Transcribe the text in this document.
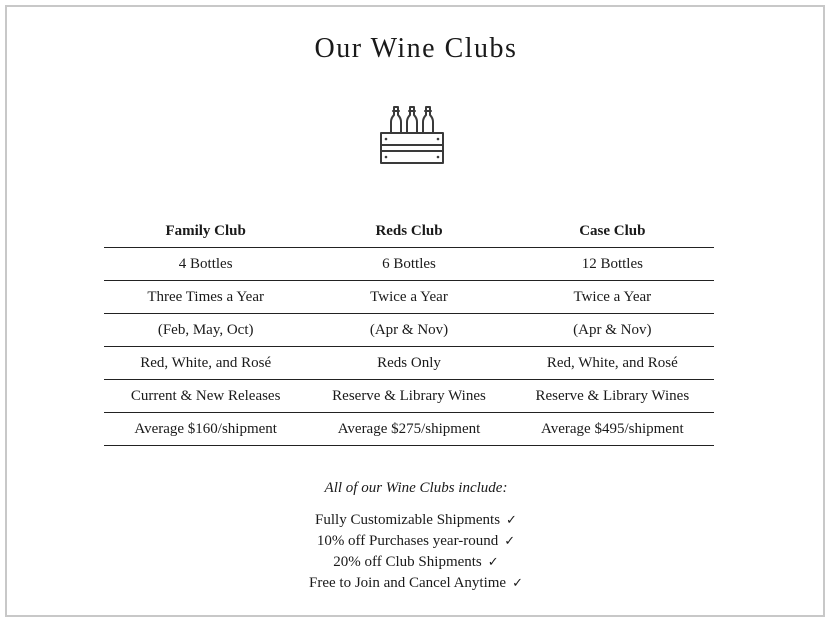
Our Wine Clubs
Family Club	Reds Club	Case Club
4 Bottles	6 Bottles	12 Bottles
Three Times a Year	Twice a Year	Twice a Year
(Feb, May, Oct)	(Apr & Nov)	(Apr & Nov)
Red, White, and Rosé	Reds Only	Red, White, and Rosé
Current & New Releases	Reserve & Library Wines	Reserve & Library Wines
Average $160/shipment	Average $275/shipment	Average $495/shipment
All of our Wine Clubs include:
Fully Customizable Shipments ✓
10% off Purchases year-round ✓
20% off Club Shipments ✓
Free to Join and Cancel Anytime ✓
